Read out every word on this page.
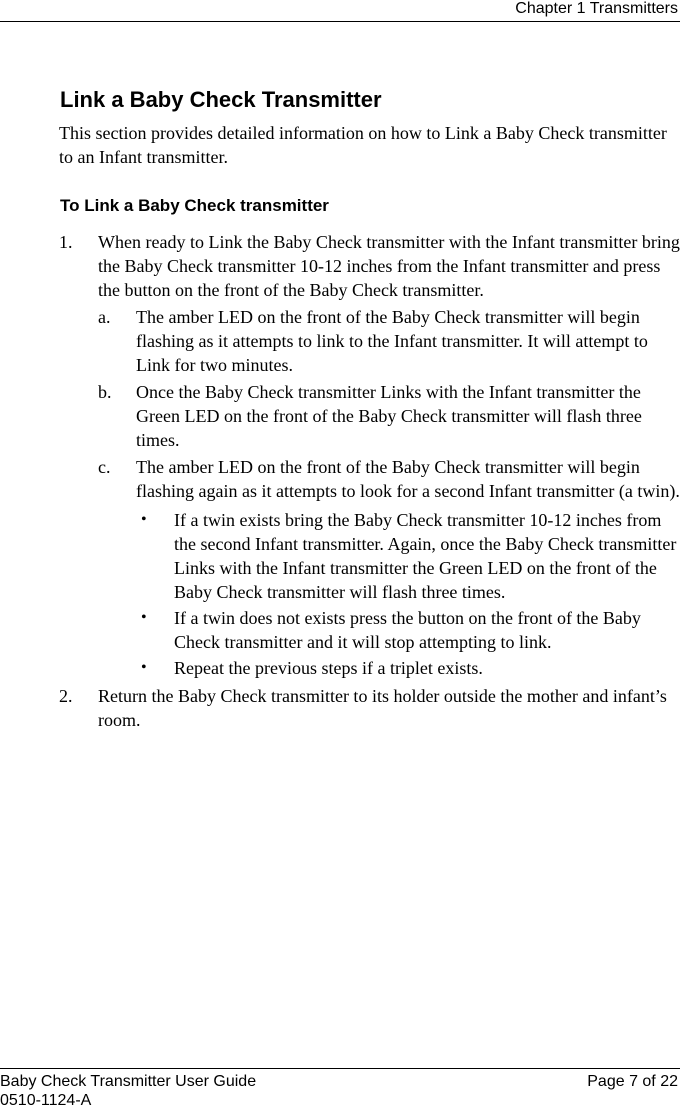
Chapter 1 Transmitters
Link a Baby Check Transmitter

This section provides detailed information on how to Link a Baby Check transmitter to an Infant transmitter.

To Link a Baby Check transmitter
1. When ready to Link the Baby Check transmitter with the Infant transmitter bring the Baby Check transmitter 10-12 inches from the Infant transmitter and press the button on the front of the Baby Check transmitter.
a. The amber LED on the front of the Baby Check transmitter will begin flashing as it attempts to link to the Infant transmitter. It will attempt to Link for two minutes.
b. Once the Baby Check transmitter Links with the Infant transmitter the Green LED on the front of the Baby Check transmitter will flash three times.
c. The amber LED on the front of the Baby Check transmitter will begin flashing again as it attempts to look for a second Infant transmitter (a twin).
• If a twin exists bring the Baby Check transmitter 10-12 inches from the second Infant transmitter. Again, once the Baby Check transmitter Links with the Infant transmitter the Green LED on the front of the Baby Check transmitter will flash three times.
• If a twin does not exists press the button on the front of the Baby Check transmitter and it will stop attempting to link.
• Repeat the previous steps if a triplet exists.
2. Return the Baby Check transmitter to its holder outside the mother and infant’s room.
Baby Check Transmitter User Guide
0510-1124-A
Page 7 of 22
